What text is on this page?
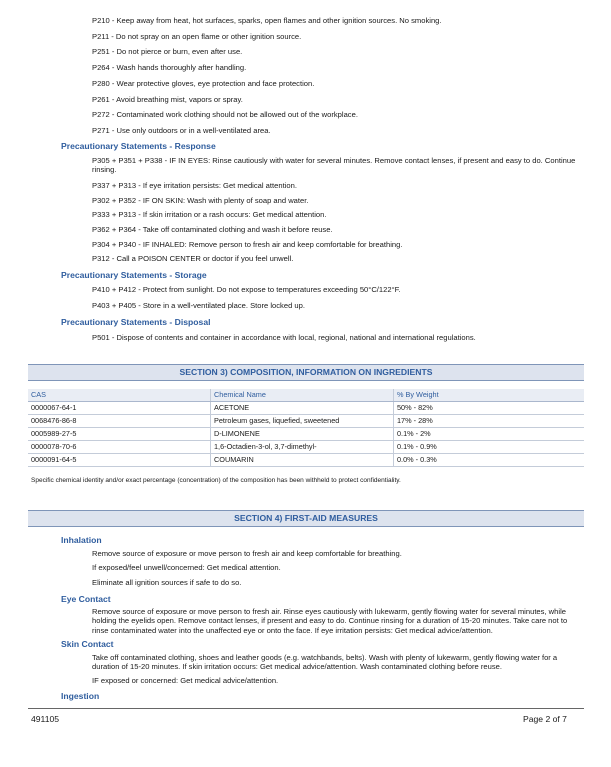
P210 - Keep away from heat, hot surfaces, sparks, open flames and other ignition sources. No smoking.
P211 - Do not spray on an open flame or other ignition source.
P251 - Do not pierce or burn, even after use.
P264 - Wash hands thoroughly after handling.
P280 - Wear protective gloves, eye protection and face protection.
P261 - Avoid breathing mist, vapors or spray.
P272 - Contaminated work clothing should not be allowed out of the workplace.
P271 - Use only outdoors or in a well-ventilated area.
Precautionary Statements - Response
P305 + P351 + P338 - IF IN EYES: Rinse cautiously with water for several minutes. Remove contact lenses, if present and easy to do. Continue rinsing.
P337 + P313 - If eye irritation persists: Get medical attention.
P302 + P352 - IF ON SKIN: Wash with plenty of soap and water.
P333 + P313 - If skin irritation or a rash occurs: Get medical attention.
P362 + P364 - Take off contaminated clothing and wash it before reuse.
P304 + P340 - IF INHALED: Remove person to fresh air and keep comfortable for breathing.
P312 - Call a POISON CENTER or doctor if you feel unwell.
Precautionary Statements - Storage
P410 + P412 - Protect from sunlight. Do not expose to temperatures exceeding 50°C/122°F.
P403 + P405 - Store in a well-ventilated place. Store locked up.
Precautionary Statements - Disposal
P501 - Dispose of contents and container in accordance with local, regional, national and international regulations.
SECTION 3) COMPOSITION, INFORMATION ON INGREDIENTS
CAS	Chemical Name	% By Weight
0000067-64-1	ACETONE	50% - 82%
0068476-86-8	Petroleum gases, liquefied, sweetened	17% - 28%
0005989-27-5	D-LIMONENE	0.1% - 2%
0000078-70-6	1,6-Octadien-3-ol, 3,7-dimethyl-	0.1% - 0.9%
0000091-64-5	COUMARIN	0.0% - 0.3%
Specific chemical identity and/or exact percentage (concentration) of the composition has been withheld to protect confidentiality.
SECTION 4) FIRST-AID MEASURES
Inhalation
Remove source of exposure or move person to fresh air and keep comfortable for breathing.
If exposed/feel unwell/concerned: Get medical attention.
Eliminate all ignition sources if safe to do so.
Eye Contact
Remove source of exposure or move person to fresh air. Rinse eyes cautiously with lukewarm, gently flowing water for several minutes, while holding the eyelids open. Remove contact lenses, if present and easy to do. Continue rinsing for a duration of 15-20 minutes. Take care not to rinse contaminated water into the unaffected eye or onto the face. If eye irritation persists: Get medical advice/attention.
Skin Contact
Take off contaminated clothing, shoes and leather goods (e.g. watchbands, belts). Wash with plenty of lukewarm, gently flowing water for a duration of 15-20 minutes. If skin irritation occurs: Get medical advice/attention. Wash contaminated clothing before reuse.
IF exposed or concerned: Get medical advice/attention.
Ingestion
491105	Page 2 of 7
